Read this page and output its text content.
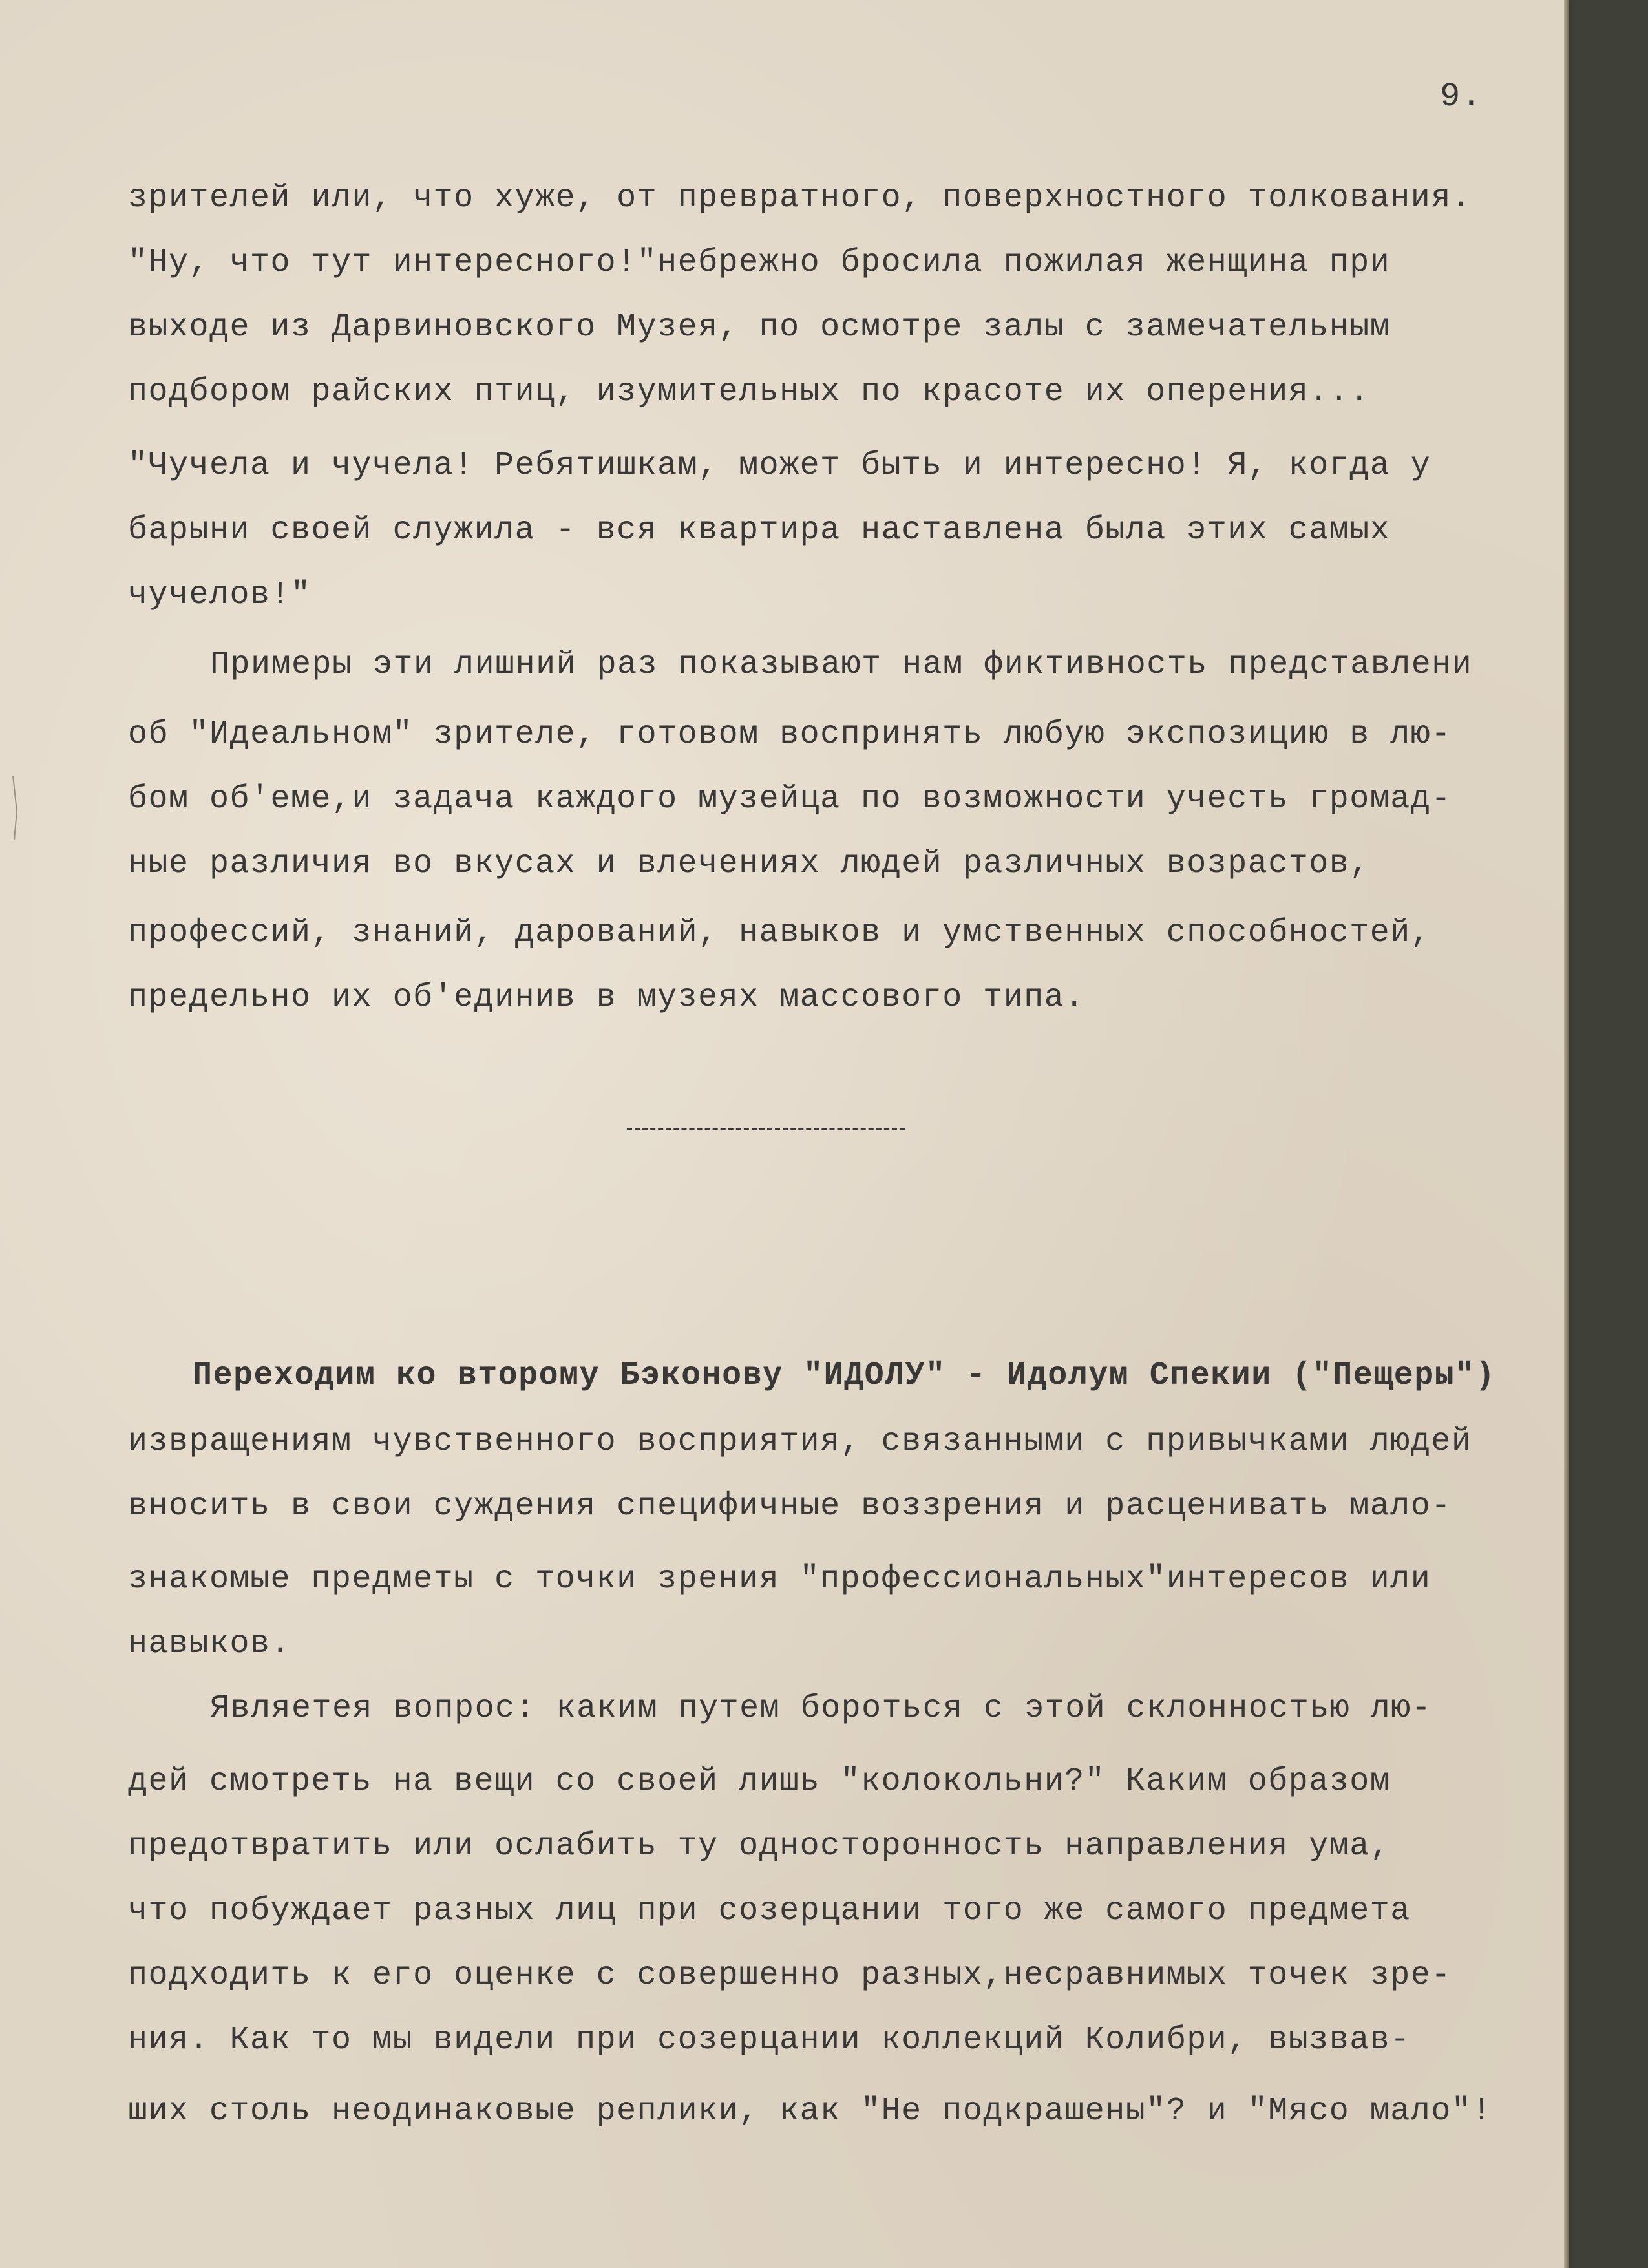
9.
зрителей или, что хуже, от превратного, поверхностного толкования.
"Ну, что тут интересного!"небрежно бросила пожилая женщина при
выходе из Дарвиновского Музея, по осмотре залы с замечательным
подбором райских птиц, изумительных по красоте их оперения...
"Чучела и чучела! Ребятишкам, может быть и интересно! Я, когда у
барыни своей служила - вся квартира наставлена была этих самых
чучелов!"
Примеры эти лишний раз показывают нам фиктивность представлени
об "Идеальном" зрителе, готовом воспринять любую экспозицию в лю-
бом об'еме,и задача каждого музейца по возможности учесть громад-
ные различия во вкусах и влечениях людей различных возрастов,
профессий, знаний, дарований, навыков и умственных способностей,
предельно их об'единив в музеях массового типа.
Переходим ко второму Бэконову "ИДОЛУ" - Идолум Спекии ("Пещеры")
извращениям чувственного восприятия, связанными с привычками людей
вносить в свои суждения специфичные воззрения и расценивать мало-
знакомые предметы с точки зрения "профессиональных"интересов или
навыков.
Являетея вопрос: каким путем бороться с этой склонностью лю-
дей смотреть на вещи со своей лишь "колокольни?" Каким образом
предотвратить или ослабить ту односторонность направления ума,
что побуждает разных лиц при созерцании того же самого предмета
подходить к его оценке с совершенно разных,несравнимых точек зре-
ния. Как то мы видели при созерцании коллекций Колибри, вызвав-
ших столь неодинаковые реплики, как "Не подкрашены"? и "Мясо мало"!
